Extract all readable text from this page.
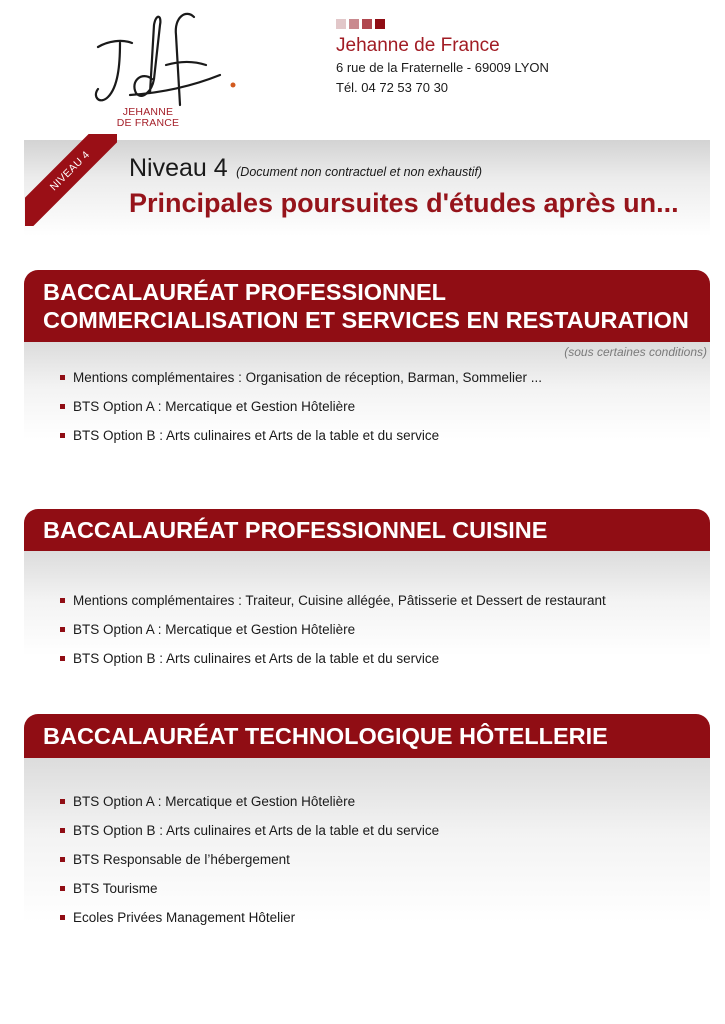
JEHANNE
DE FRANCE
Jehanne de France
6 rue de la Fraternelle - 69009 LYON
Tél. 04 72 53 70 30
NIVEAU 4	Niveau 4 (Document non contractuel et non exhaustif)
Principales poursuites d'études après un...
BACCALAURÉAT PROFESSIONNEL
COMMERCIALISATION ET SERVICES EN RESTAURATION
(sous certaines conditions)
Mentions complémentaires : Organisation de réception, Barman, Sommelier ...
BTS Option A : Mercatique et Gestion Hôtelière
BTS Option B : Arts culinaires et Arts de la table et du service
BACCALAURÉAT PROFESSIONNEL CUISINE
Mentions complémentaires : Traiteur, Cuisine allégée, Pâtisserie et Dessert de restaurant
BTS Option A : Mercatique et Gestion Hôtelière
BTS Option B : Arts culinaires et Arts de la table et du service
BACCALAURÉAT TECHNOLOGIQUE HÔTELLERIE
BTS Option A : Mercatique et Gestion Hôtelière
BTS Option B : Arts culinaires et Arts de la table et du service
BTS Responsable de l’hébergement
BTS Tourisme
Ecoles Privées Management Hôtelier
